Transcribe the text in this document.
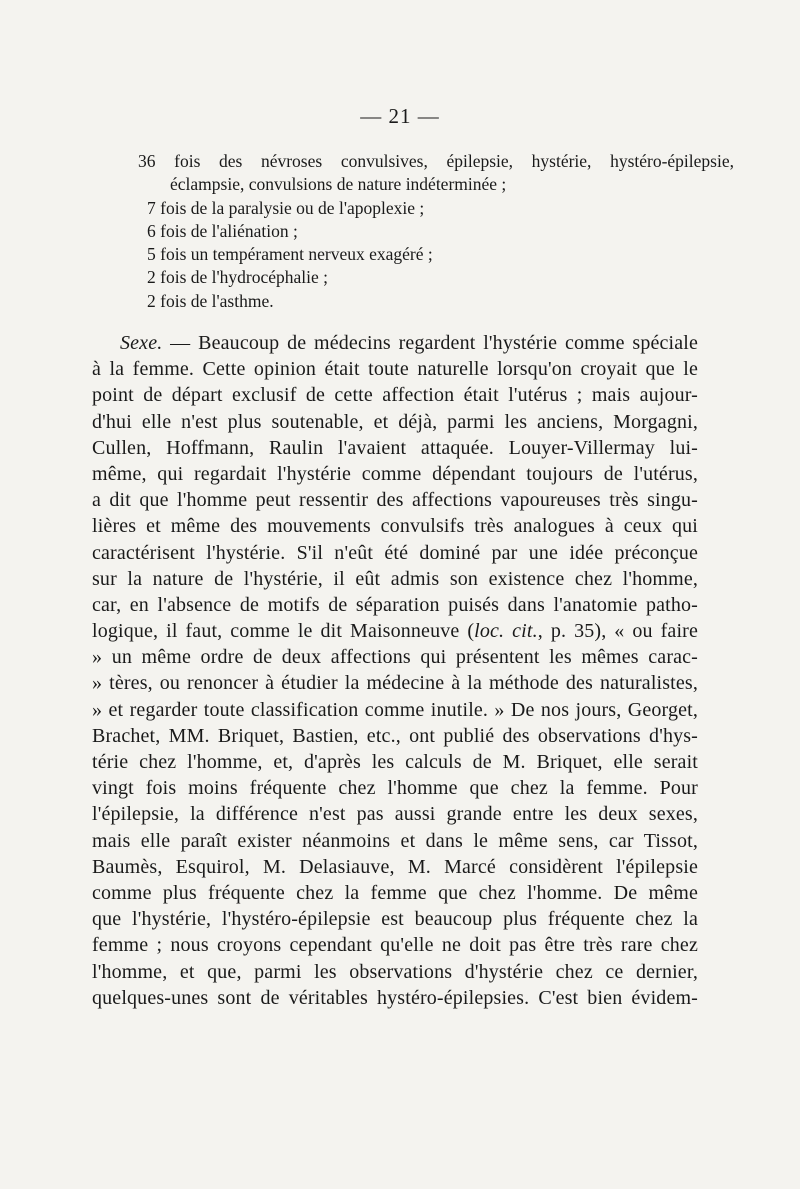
— 21 —
36 fois des névroses convulsives, épilepsie, hystérie, hystéro-épilepsie,
éclampsie, convulsions de nature indéterminée ;
7 fois de la paralysie ou de l'apoplexie ;
6 fois de l'aliénation ;
5 fois un tempérament nerveux exagéré ;
2 fois de l'hydrocéphalie ;
2 fois de l'asthme.
Sexe. — Beaucoup de médecins regardent l'hystérie comme spéciale
à la femme. Cette opinion était toute naturelle lorsqu'on croyait que le
point de départ exclusif de cette affection était l'utérus ; mais aujour-
d'hui elle n'est plus soutenable, et déjà, parmi les anciens, Morgagni,
Cullen, Hoffmann, Raulin l'avaient attaquée. Louyer-Villermay lui-
même, qui regardait l'hystérie comme dépendant toujours de l'utérus,
a dit que l'homme peut ressentir des affections vapoureuses très singu-
lières et même des mouvements convulsifs très analogues à ceux qui
caractérisent l'hystérie. S'il n'eût été dominé par une idée préconçue
sur la nature de l'hystérie, il eût admis son existence chez l'homme,
car, en l'absence de motifs de séparation puisés dans l'anatomie patho-
logique, il faut, comme le dit Maisonneuve (loc. cit., p. 35), « ou faire
» un même ordre de deux affections qui présentent les mêmes carac-
» tères, ou renoncer à étudier la médecine à la méthode des naturalistes,
» et regarder toute classification comme inutile. » De nos jours, Georget,
Brachet, MM. Briquet, Bastien, etc., ont publié des observations d'hys-
térie chez l'homme, et, d'après les calculs de M. Briquet, elle serait
vingt fois moins fréquente chez l'homme que chez la femme. Pour
l'épilepsie, la différence n'est pas aussi grande entre les deux sexes,
mais elle paraît exister néanmoins et dans le même sens, car Tissot,
Baumès, Esquirol, M. Delasiauve, M. Marcé considèrent l'épilepsie
comme plus fréquente chez la femme que chez l'homme. De même
que l'hystérie, l'hystéro-épilepsie est beaucoup plus fréquente chez la
femme ; nous croyons cependant qu'elle ne doit pas être très rare chez
l'homme, et que, parmi les observations d'hystérie chez ce dernier,
quelques-unes sont de véritables hystéro-épilepsies. C'est bien évidem-
